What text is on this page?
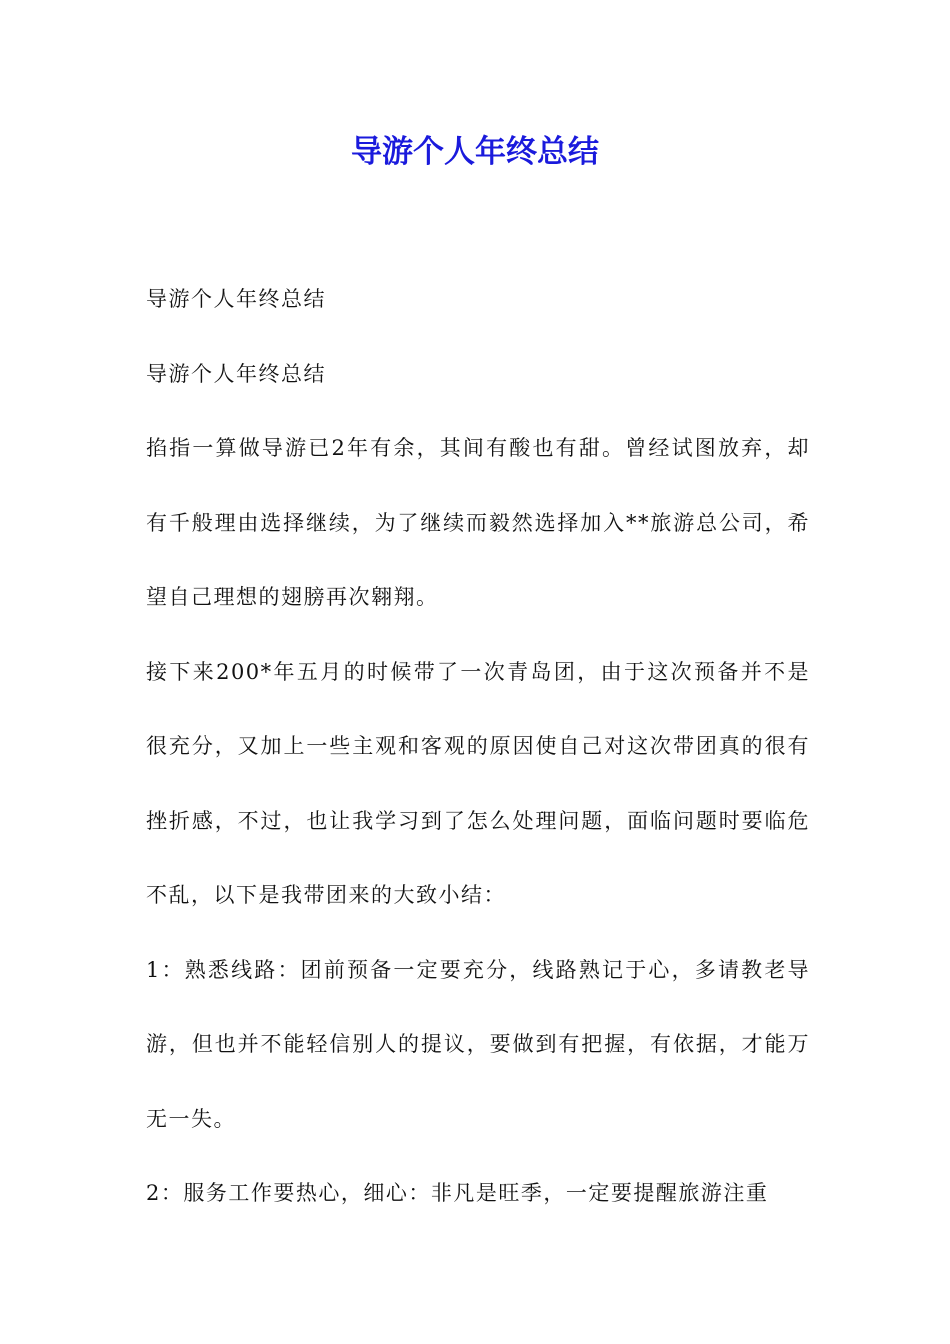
导游个人年终总结

导游个人年终总结

导游个人年终总结

掐指一算做导游已2年有余，其间有酸也有甜。曾经试图放弃，却有千般理由选择继续，为了继续而毅然选择加入**旅游总公司，希望自己理想的翅膀再次翱翔。

接下来200*年五月的时候带了一次青岛团，由于这次预备并不是很充分，又加上一些主观和客观的原因使自己对这次带团真的很有挫折感，不过，也让我学习到了怎么处理问题，面临问题时要临危不乱，以下是我带团来的大致小结：

1：熟悉线路：团前预备一定要充分，线路熟记于心，多请教老导游，但也并不能轻信别人的提议，要做到有把握，有依据，才能万无一失。

2：服务工作要热心，细心：非凡是旺季，一定要提醒旅游注重
